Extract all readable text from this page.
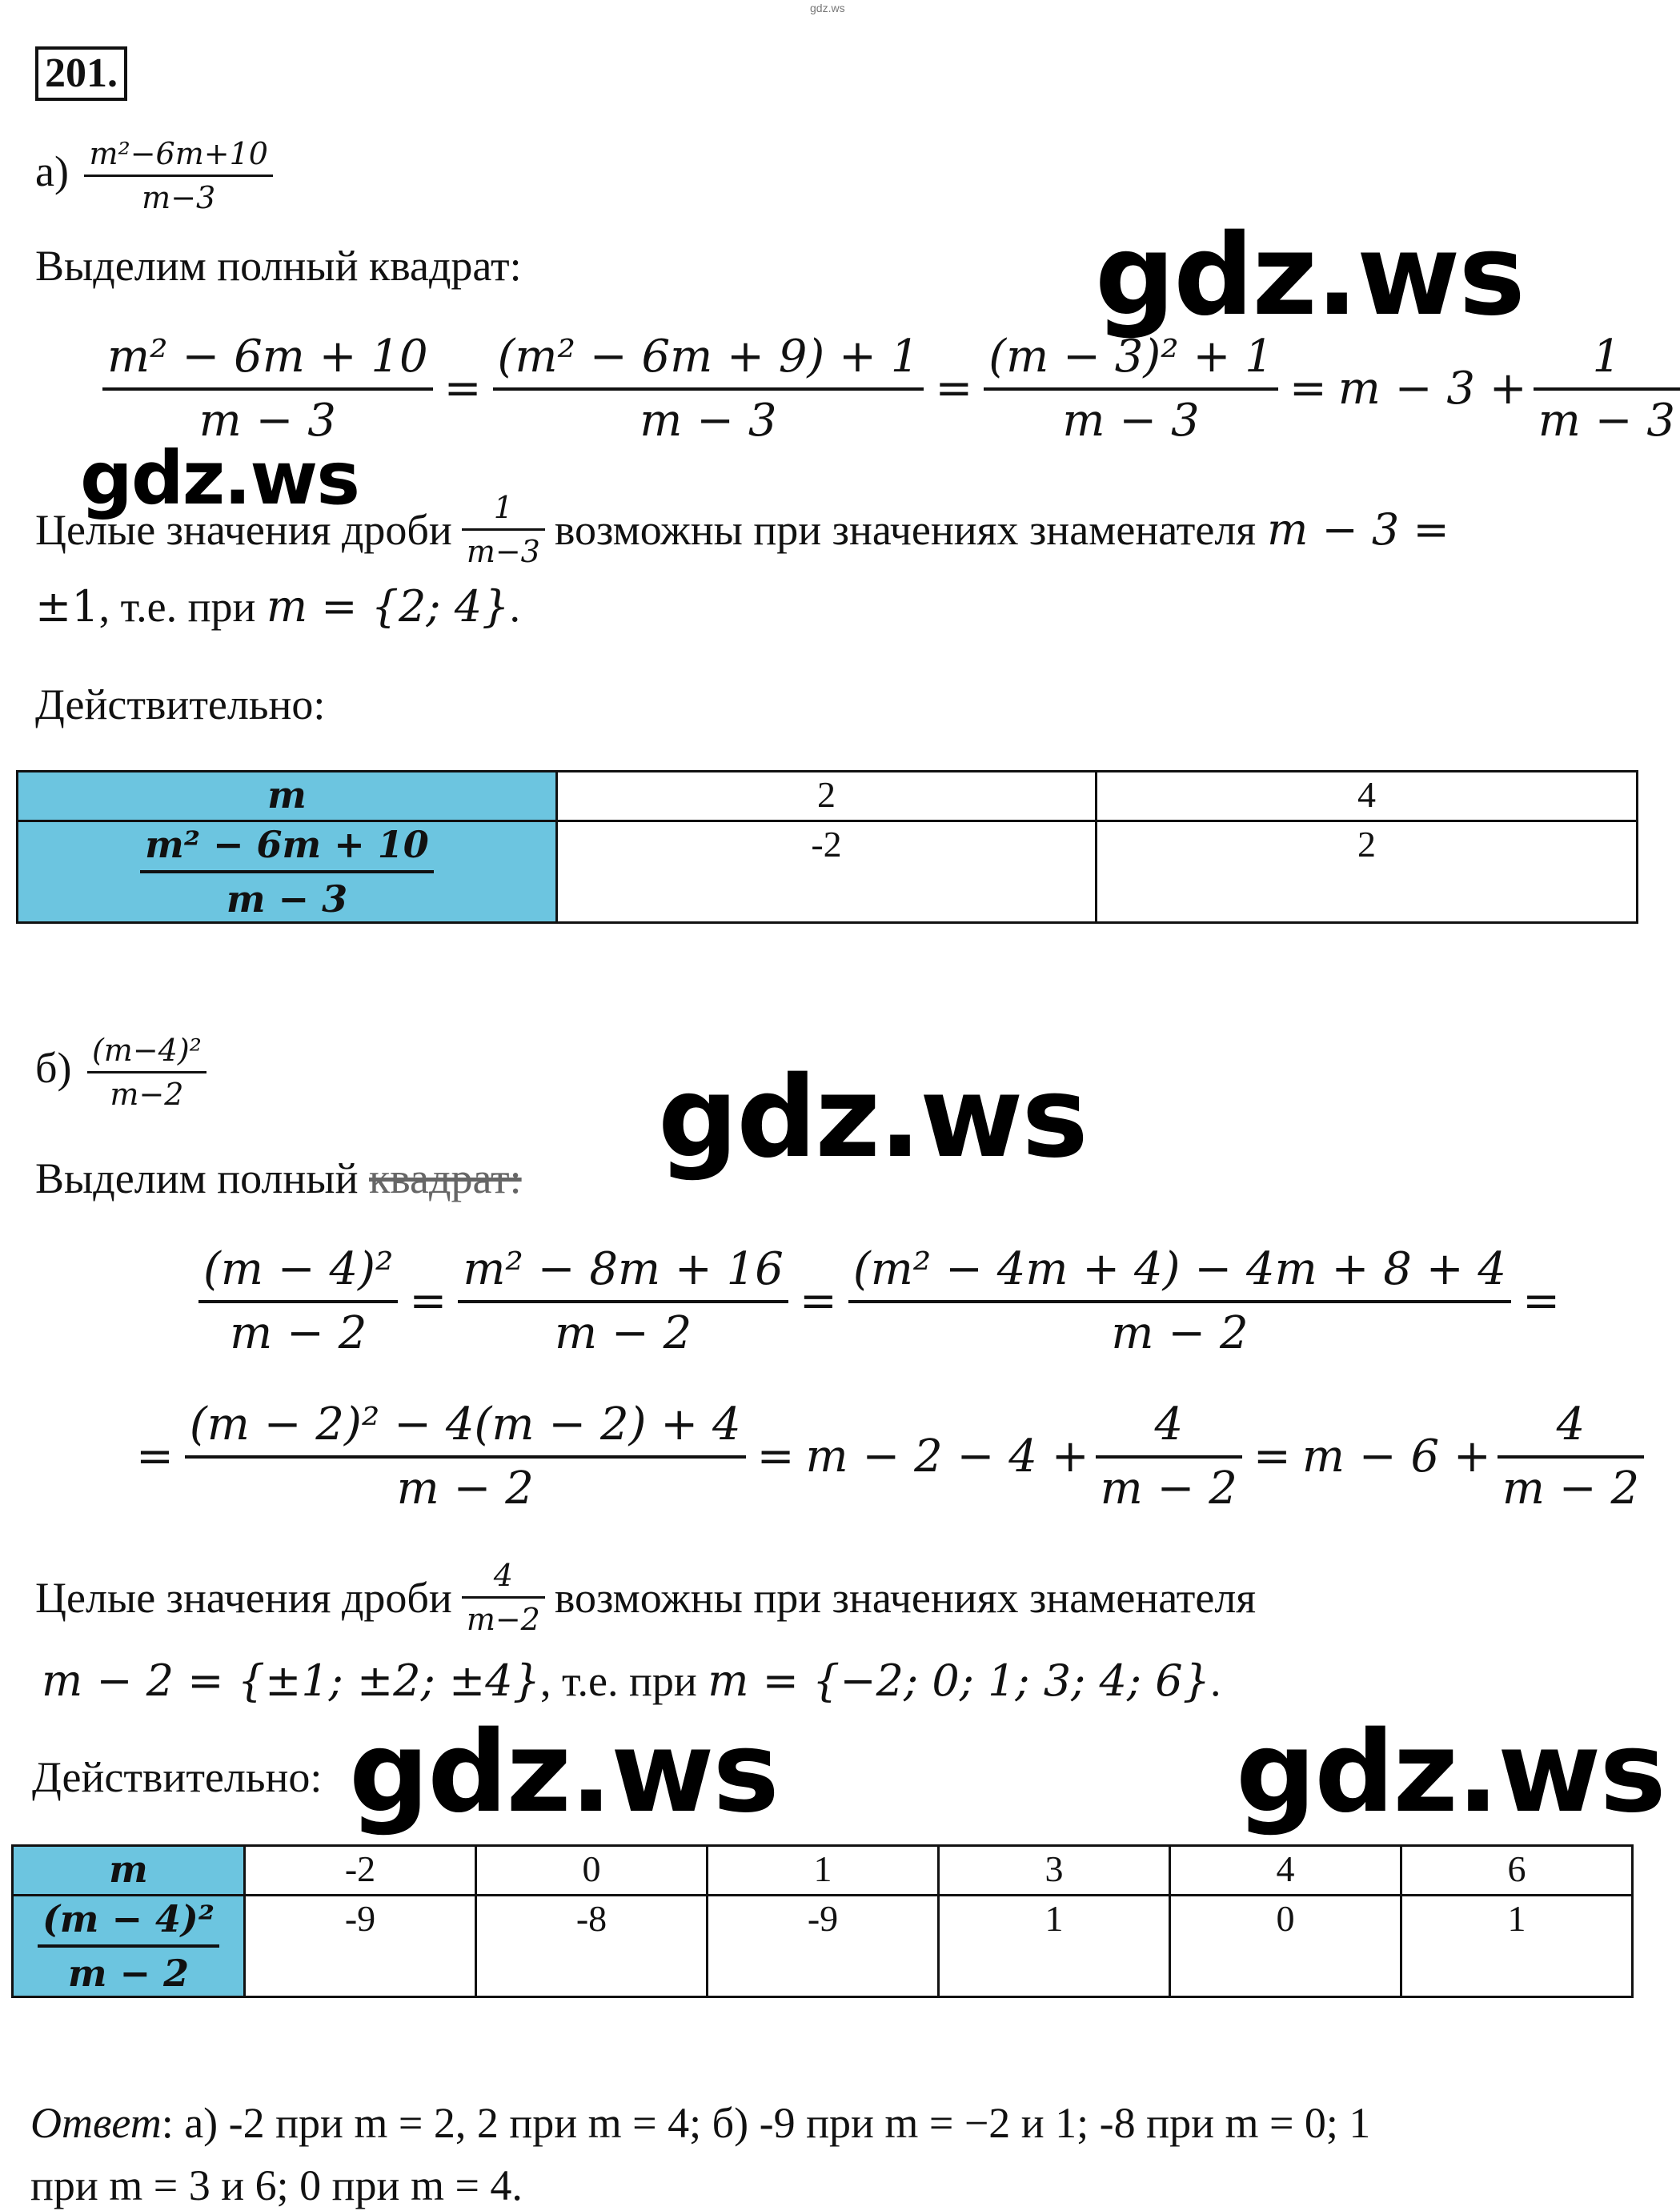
gdz.ws
201.
$а) \frac{\text{m²−6m+10}}{m-3}$
Выделим полный квадрат:	gdz.ws
$\frac{\text{m² − 6m + 10}}{m - 3} = \frac{\text{(m² − 6m + 9) + 1}}{m - 3} = \frac{\text{(m − 3)² + 1}}{m - 3} = m - 3 + \frac{1}{m - 3}$
gdz.ws
Целые значения дроби $\frac{1}{m-3}$ возможны при значениях знаменателя m − 3 =
±1, т.е. при m = {2; 4}.
Действительно:
m	2	4

$\frac{\text{m² − 6m + 10}}{m - 3}$	-2	2
$б) \frac{\text{(m−4)²}}{m-2}$	gdz.ws
Выделим полный квадрат:
$\frac{\text{(m − 4)²}}{m - 2} = \frac{\text{m² − 8m + 16}}{m - 2} = \frac{\text{(m² − 4m + 4) − 4m + 8 + 4}}{m - 2}$ =
= $\frac{\text{(m − 2)² − 4(m − 2) + 4}}{m - 2} = m - 2 - 4 + \frac{4}{m - 2} = m - 6 + \frac{4}{m - 2}$
Целые значения дроби $\frac{4}{m-2}$ возможны при значениях знаменателя
m − 2 = {±1; ±2; ±4}, т.е. при m = {−2; 0; 1; 3; 4; 6}.
Действительно: gdz.ws	gdz.ws
m	-2	0	1	3	4	6

$\frac{\text{(m − 4)²}}{m - 2}$	-9	-8	-9	1	0	1
Ответ: а) -2 при m = 2, 2 при m = 4; б) -9 при m = −2 и 1; -8 при m = 0; 1
при m = 3 и 6; 0 при m = 4.
